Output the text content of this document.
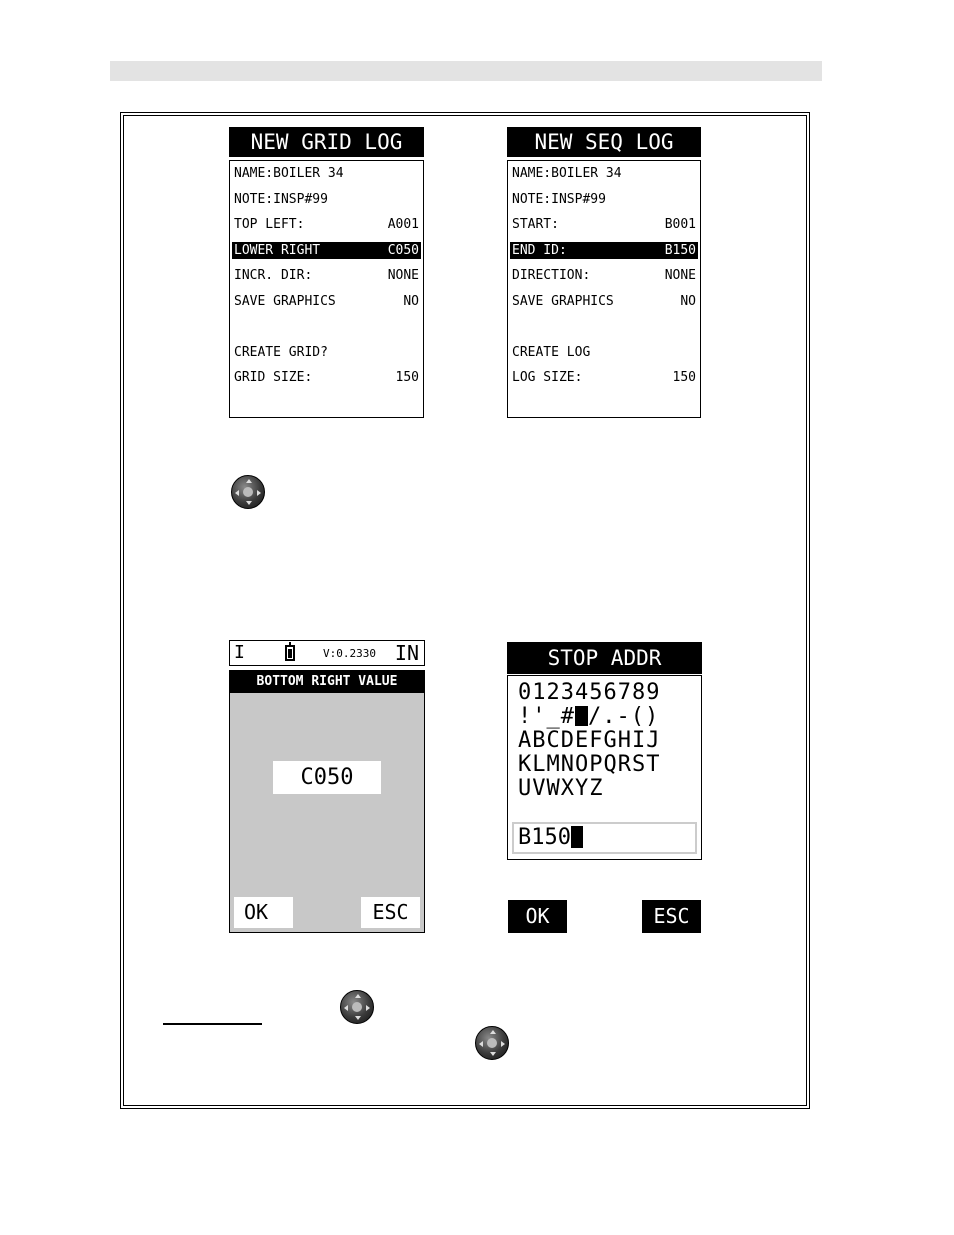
NEW GRID LOG
NAME:BOILER 34
NOTE:INSP#99
TOP LEFT:	A001
LOWER RIGHT	C050
INCR. DIR:	NONE
SAVE GRAPHICS	NO
CREATE GRID?
GRID SIZE:	150
NEW SEQ LOG
NAME:BOILER 34
NOTE:INSP#99
START:	B001
END ID:	B150
DIRECTION:	NONE
SAVE GRAPHICS	NO
CREATE LOG
LOG SIZE:	150
I	V:0.2330 IN
BOTTOM RIGHT VALUE
C050
OK	ESC
STOP ADDR
0123456789
!'_# /.-()
ABCDEFGHIJ
KLMNOPQRST
UVWXYZ
B150
OK	ESC
